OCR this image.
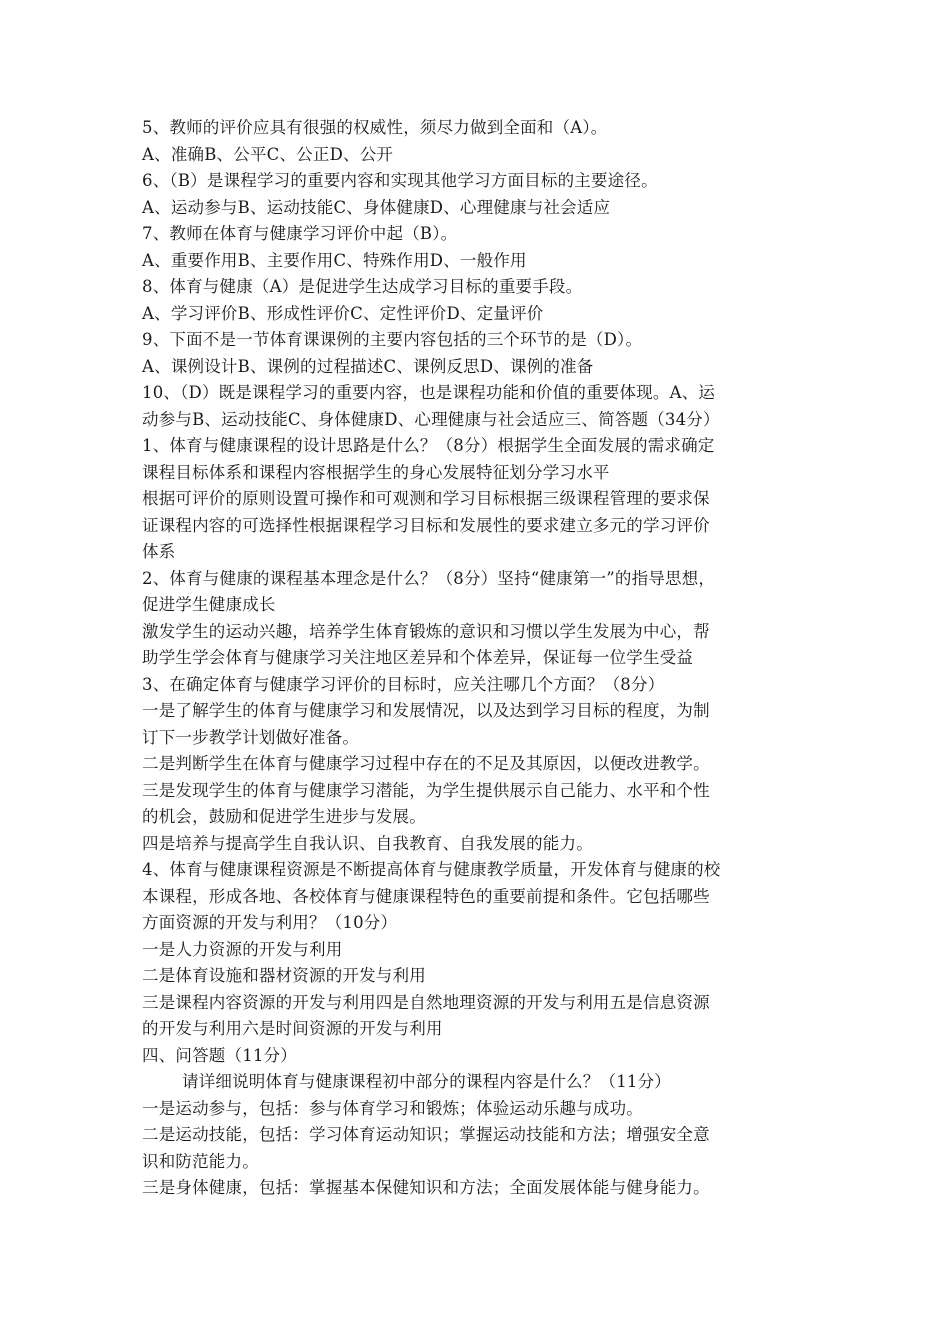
5、教师的评价应具有很强的权威性，须尽力做到全面和（A）。
A、准确B、公平C、公正D、公开
6、（B）是课程学习的重要内容和实现其他学习方面目标的主要途径。
A、运动参与B、运动技能C、身体健康D、心理健康与社会适应
7、教师在体育与健康学习评价中起（B）。
A、重要作用B、主要作用C、特殊作用D、一般作用
8、体育与健康（A）是促进学生达成学习目标的重要手段。
A、学习评价B、形成性评价C、定性评价D、定量评价
9、下面不是一节体育课课例的主要内容包括的三个环节的是（D）。
A、课例设计B、课例的过程描述C、课例反思D、课例的准备
10、（D）既是课程学习的重要内容，也是课程功能和价值的重要体现。A、运
动参与B、运动技能C、身体健康D、心理健康与社会适应三、简答题（34分）
1、体育与健康课程的设计思路是什么？（8分）根据学生全面发展的需求确定
课程目标体系和课程内容根据学生的身心发展特征划分学习水平
根据可评价的原则设置可操作和可观测和学习目标根据三级课程管理的要求保
证课程内容的可选择性根据课程学习目标和发展性的要求建立多元的学习评价
体系
2、体育与健康的课程基本理念是什么？（8分）坚持“健康第一”的指导思想，
促进学生健康成长
激发学生的运动兴趣，培养学生体育锻炼的意识和习惯以学生发展为中心，帮
助学生学会体育与健康学习关注地区差异和个体差异，保证每一位学生受益
3、在确定体育与健康学习评价的目标时，应关注哪几个方面？（8分）
一是了解学生的体育与健康学习和发展情况，以及达到学习目标的程度，为制
订下一步教学计划做好准备。
二是判断学生在体育与健康学习过程中存在的不足及其原因，以便改进教学。
三是发现学生的体育与健康学习潜能，为学生提供展示自己能力、水平和个性
的机会，鼓励和促进学生进步与发展。
四是培养与提高学生自我认识、自我教育、自我发展的能力。
4、体育与健康课程资源是不断提高体育与健康教学质量，开发体育与健康的校
本课程，形成各地、各校体育与健康课程特色的重要前提和条件。它包括哪些
方面资源的开发与利用？（10分）
一是人力资源的开发与利用
二是体育设施和器材资源的开发与利用
三是课程内容资源的开发与利用四是自然地理资源的开发与利用五是信息资源
的开发与利用六是时间资源的开发与利用
四、问答题（11分）
请详细说明体育与健康课程初中部分的课程内容是什么？（11分）
一是运动参与，包括：参与体育学习和锻炼；体验运动乐趣与成功。
二是运动技能，包括：学习体育运动知识；掌握运动技能和方法；增强安全意
识和防范能力。
三是身体健康，包括：掌握基本保健知识和方法；全面发展体能与健身能力。
